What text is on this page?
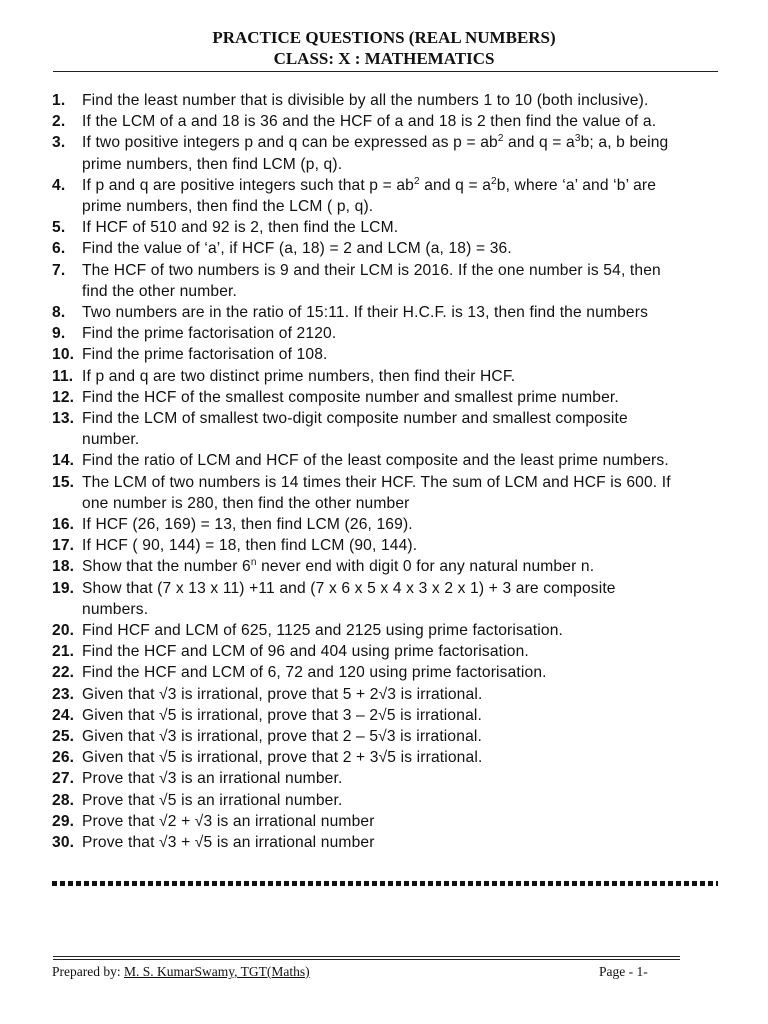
PRACTICE QUESTIONS (REAL NUMBERS)
CLASS: X : MATHEMATICS
1. Find the least number that is divisible by all the numbers 1 to 10 (both inclusive).
2. If the LCM of a and 18 is 36 and the HCF of a and 18 is 2 then find the value of a.
3. If two positive integers p and q can be expressed as $p = ab^2$ and $q = a^3b$; a, b being
prime numbers, then find LCM (p, q).
4. If p and q are positive integers such that $p = ab^2$ and $q = a^2b$, where ‘a’ and ‘b’ are
prime numbers, then find the LCM ( p, q).
5. If HCF of 510 and 92 is 2, then find the LCM.
6. Find the value of ‘a’, if HCF (a, 18) = 2 and LCM (a, 18) = 36.
7. The HCF of two numbers is 9 and their LCM is 2016. If the one number is 54, then
find the other number.
8. Two numbers are in the ratio of 15:11. If their H.C.F. is 13, then find the numbers
9. Find the prime factorisation of 2120.
10. Find the prime factorisation of 108.
11. If p and q are two distinct prime numbers, then find their HCF.
12. Find the HCF of the smallest composite number and smallest prime number.
13. Find the LCM of smallest two-digit composite number and smallest composite
number.
14. Find the ratio of LCM and HCF of the least composite and the least prime numbers.
15. The LCM of two numbers is 14 times their HCF. The sum of LCM and HCF is 600. If
one number is 280, then find the other number
16. If HCF (26, 169) = 13, then find LCM (26, 169).
17. If HCF ( 90, 144) = 18, then find LCM (90, 144).
18. Show that the number 6$^n$ never end with digit 0 for any natural number n.
19. Show that (7 x 13 x 11) +11 and (7 x 6 x 5 x 4 x 3 x 2 x 1) + 3 are composite
numbers.
20. Find HCF and LCM of 625, 1125 and 2125 using prime factorisation.
21. Find the HCF and LCM of 96 and 404 using prime factorisation.
22. Find the HCF and LCM of 6, 72 and 120 using prime factorisation.
23. Given that √3 is irrational, prove that 5 + 2√3 is irrational.
24. Given that √5 is irrational, prove that 3 – 2√5 is irrational.
25. Given that √3 is irrational, prove that 2 – 5√3 is irrational.
26. Given that √5 is irrational, prove that 2 + 3√5 is irrational.
27. Prove that √3 is an irrational number.
28. Prove that √5 is an irrational number.
29. Prove that √2 + √3 is an irrational number
30. Prove that √3 + √5 is an irrational number
Prepared by: M. S. KumarSwamy, TGT(Maths)	Page - 1-
